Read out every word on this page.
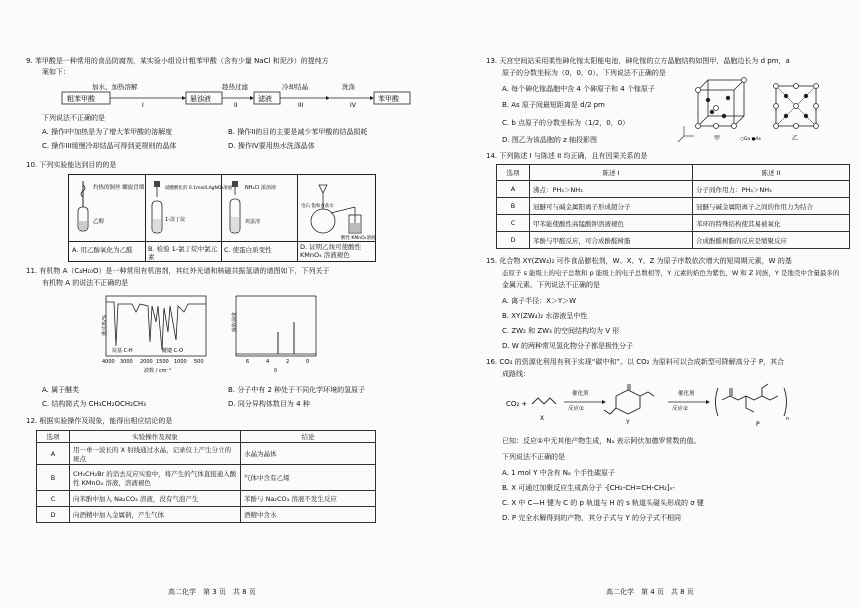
9. 苯甲酸是一种常用的食品防腐剂，某实验小组设计粗苯甲酸（含有少量 NaCl 和泥沙）的提纯方
案如下：
加水、加热溶解	趁热过滤	冷却结晶	洗涤
粗苯甲酸
I
悬浊液
II
滤液
III	IV
苯甲酸
下列说法不正确的是
A. 操作I中加热是为了增大苯甲酸的溶解度	B. 操作II的目的主要是减少苯甲酸的结晶损耗
C. 操作III缓慢冷却结晶可得到更规则的晶体	D. 操作IV要用热水洗涤晶体
10. 下列实验能达到目的的是
灼热的铜丝 螺旋冒烟
乙醇
硝酸酸化的 0.1mol/LAgNO₃溶液
1-溴丁烷
NH₄Cl 浓溶液
鸡蛋清
电石 饱和食盐水
酸性 KMnO₄溶液
A. 用乙醇氧化为乙醛 B. 检验 1-氯丁烷中氯元素
C. 使蛋白质变性	D. 证明乙炔可使酸性 KMnO₄ 溶液褪色
11. 有机物 A（C₄H₁₀O）是一种常用有机溶剂，其红外光谱和核磁共振氢谱的谱图如下，下列关于
有机物 A 的说法不正确的是
透过率/%
烷基 C-H	醚键 C-O
4000 3000 2000 1500 1000 500
波数 / cm⁻¹
吸收强度
6	4	2	0
δ
A. 属于醚类	B. 分子中有 2 种处于不同化学环境的氢原子
C. 结构简式为 CH₃CH₂OCH₂CH₃	D. 同分异构体数目为 4 种
12. 根据实验操作及现象，能得出相应结论的是
选项	实验操作及现象	结论
A	用一单一波长的 X 射线通过水晶，记录仪上产生分立的斑点	水晶为晶体
B	CH₃CH₂Br 的消去反应实验中，将产生的气体直接通入酸性 KMnO₄ 溶液，溶液褪色	气体中含有乙烯
C	向苯酚中加入 Na₂CO₃ 溶液，没有气泡产生	苯酚与 Na₂CO₃ 溶液不发生反应
D	向酒精中加入金属钠，产生气体	酒精中含水
高二化学　第 3 页　共 8 页
13. 天宫空间站采用柔性砷化镓太阳能电池，砷化镓的立方晶胞结构如图甲，晶胞边长为 d pm，a
原子的分数坐标为（0，0，0）。下列说法不正确的是
A. 每个砷化镓晶胞中含 4 个砷原子和 4 个镓原子
B. As 原子间最短距离是 d/2 pm
C. b 点原子的分数坐标为（1/2，0，0）
D. 图乙为该晶胞的 z 轴投影图	甲	乙
○Ga ●As
14. 下列陈述 I 与陈述 II 均正确，且有因果关系的是
选项	陈述 I	陈述 II
A	沸点：PH₃＞NH₃	分子间作用力：PH₃＞NH₃
B	冠醚可与碱金属阳离子形成超分子	冠醚与碱金属阳离子之间的作用力为结合
C	甲苯能使酸性高锰酸钾溶液褪色	苯环的特殊结构使其易被氧化
D	苯酚与甲醛反应，可合成酚醛树脂	合成酚醛树脂的反应是缩聚反应
15. 化合物 XY(ZW₄)₂ 可作食品膨松剂，W、X、Y、Z 为原子序数依次增大的短周期元素，W 的基
态原子 s 能级上的电子总数和 p 能级上的电子总数相等，Y 元素的焰色为紫色，W 和 Z 同族，Y 是地壳中含量最多的
金属元素。下列说法不正确的是
A. 离子半径：X＞Y＞W
B. XY(ZW₄)₂ 水溶液呈中性
C. ZW₂ 和 ZW₃ 的空间结构均为 V 形
D. W 的两种常见氢化物分子都是极性分子
16. CO₂ 的资源化利用有利于实现“碳中和”。以 CO₂ 为原料可以合成新型可降解高分子 P，其合
成路线：
CO₂ +
X
催化剂
反应①
Y
催化剂
反应②
n
P
已知：反应①中无其他产物生成，Nₐ 表示阿伏加德罗常数的值。
下列说法不正确的是
A. 1 mol Y 中含有 Nₐ 个手性碳原子
B. X 可通过加聚反应生成高分子 -[CH₂-CH=CH-CH₂]ₙ-
C. X 中 C—H 键为 C 的 p 轨道与 H 的 s 轨道头碰头形成的 σ 键
D. P 完全水解得到的产物，其分子式与 Y 的分子式不相同
高二化学　第 4 页　共 8 页
